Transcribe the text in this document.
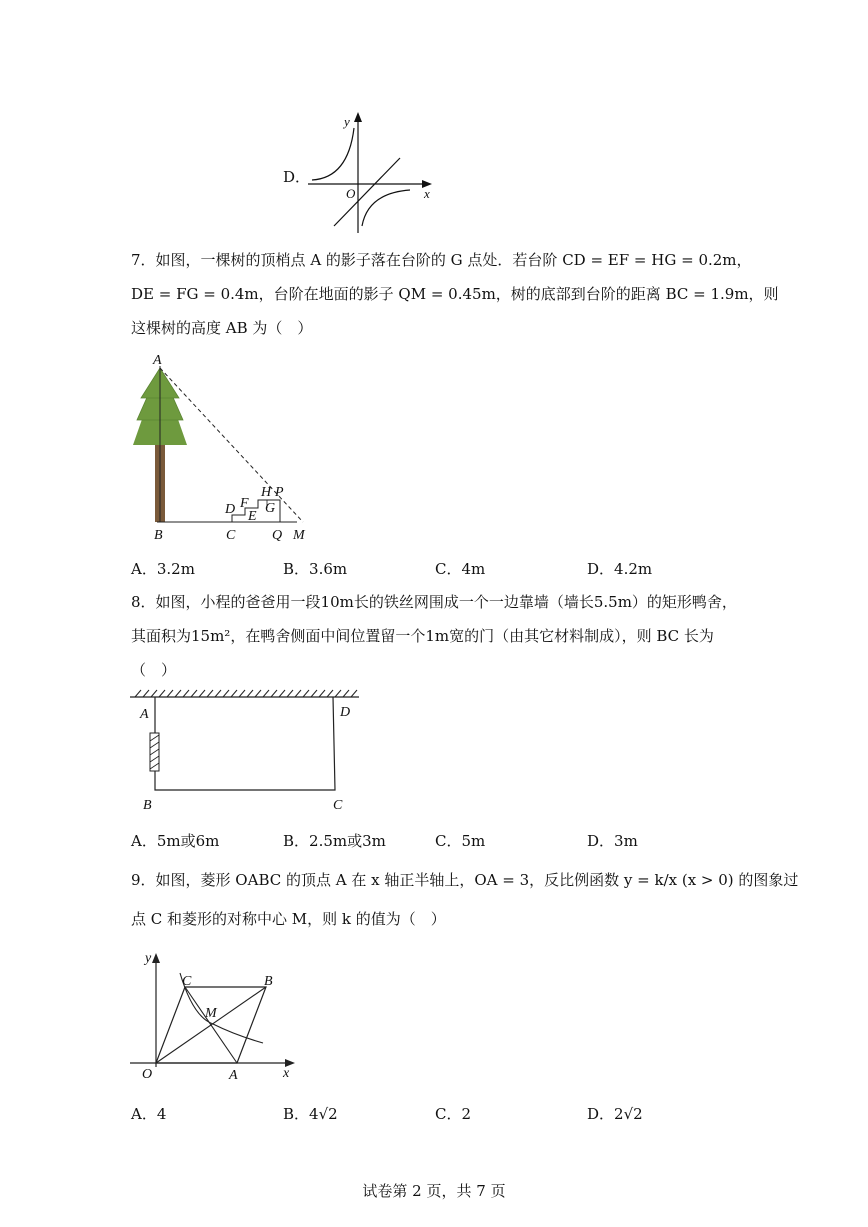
D．
y
x
O
7．如图，一棵树的顶梢点 A 的影子落在台阶的 G 点处．若台阶 CD = EF = HG = 0.2m，
DE = FG = 0.4m，台阶在地面的影子 QM = 0.45m，树的底部到台阶的距离 BC = 1.9m，则
这棵树的高度 AB 为（　）
A
B	C
D E
F G
H P
Q M
A．3.2m	B．3.6m	C．4m	D．4.2m
8．如图，小程的爸爸用一段10m长的铁丝网围成一个一边靠墙（墙长5.5m）的矩形鸭舍，
其面积为15m²，在鸭舍侧面中间位置留一个1m宽的门（由其它材料制成），则 BC 长为
（　）
A	D
B	C
A．5m或6m	B．2.5m或3m	C．5m	D．3m
9．如图，菱形 OABC 的顶点 A 在 x 轴正半轴上，OA = 3，反比例函数 y = k/x (x > 0) 的图象过
点 C 和菱形的对称中心 M，则 k 的值为（　）
y
x
O	A
B
C
M
A．4	B．4√2	C．2	D．2√2
试卷第 2 页，共 7 页
